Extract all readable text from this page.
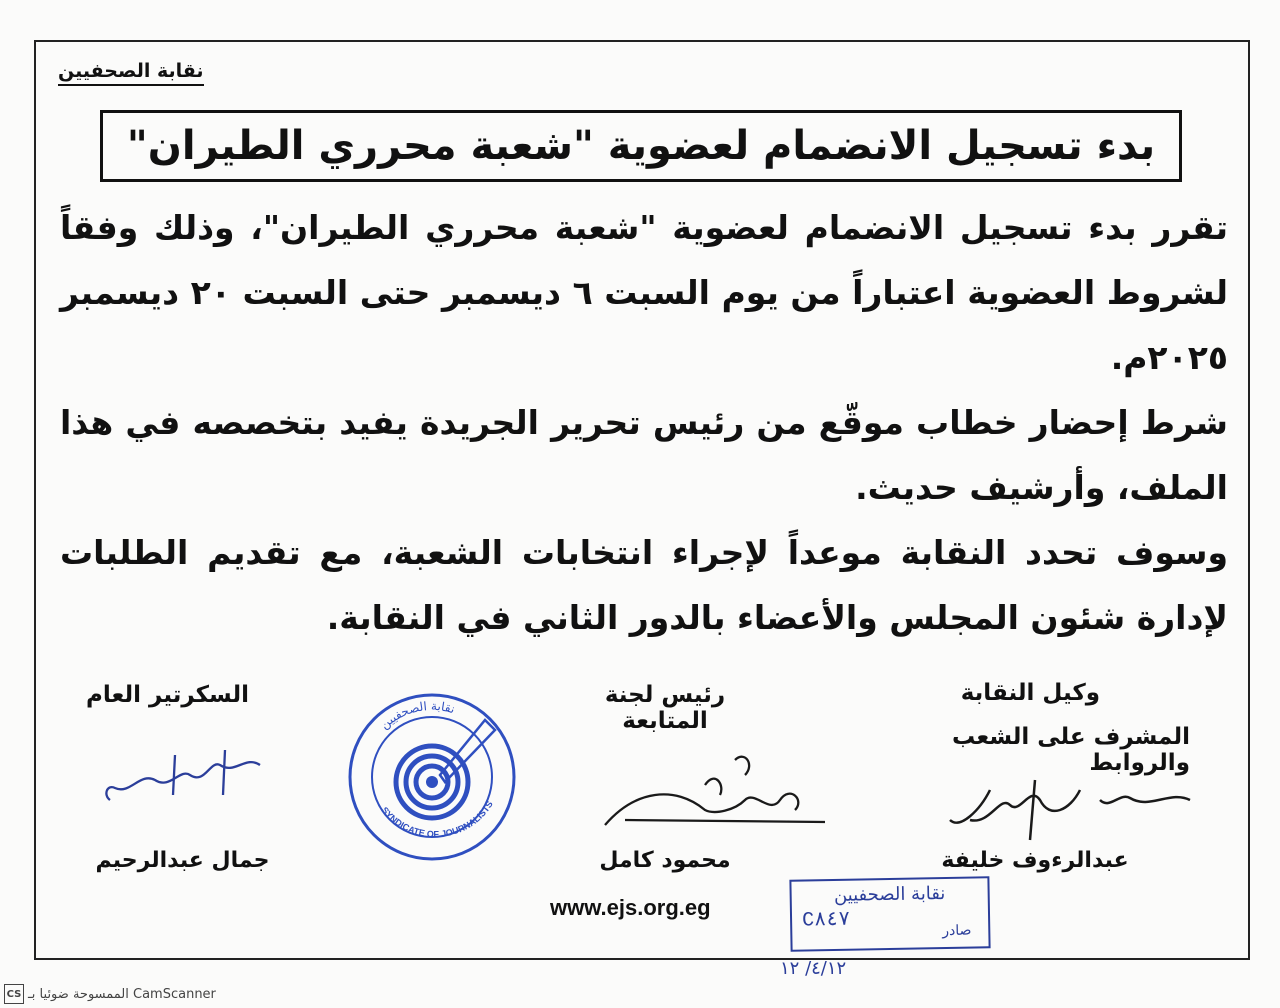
نقابة الصحفيين
بدء تسجيل الانضمام لعضوية "شعبة محرري الطيران"

تقرر بدء تسجيل الانضمام لعضوية "شعبة محرري الطيران"، وذلك وفقاً لشروط العضوية اعتباراً من يوم السبت ٦ ديسمبر حتى السبت ٢٠ ديسمبر ٢٠٢٥م.

شرط إحضار خطاب موقّع من رئيس تحرير الجريدة يفيد بتخصصه في هذا الملف، وأرشيف حديث.

وسوف تحدد النقابة موعداً لإجراء انتخابات الشعبة، مع تقديم الطلبات لإدارة شئون المجلس والأعضاء بالدور الثاني في النقابة.

وكيل النقابة
المشرف على الشعب والروابط
عبدالرءوف خليفة
رئيس لجنة المتابعة
محمود كامل
السكرتير العام
جمال عبدالرحيم
نقابة الصحفيين
SYNDICATE OF JOURNALISTS
www.ejs.org.eg
نقابة الصحفيين
C٨٤٧	صادر
٤/١٢/ ١٢
CS الممسوحة ضوئيا بـ CamScanner
